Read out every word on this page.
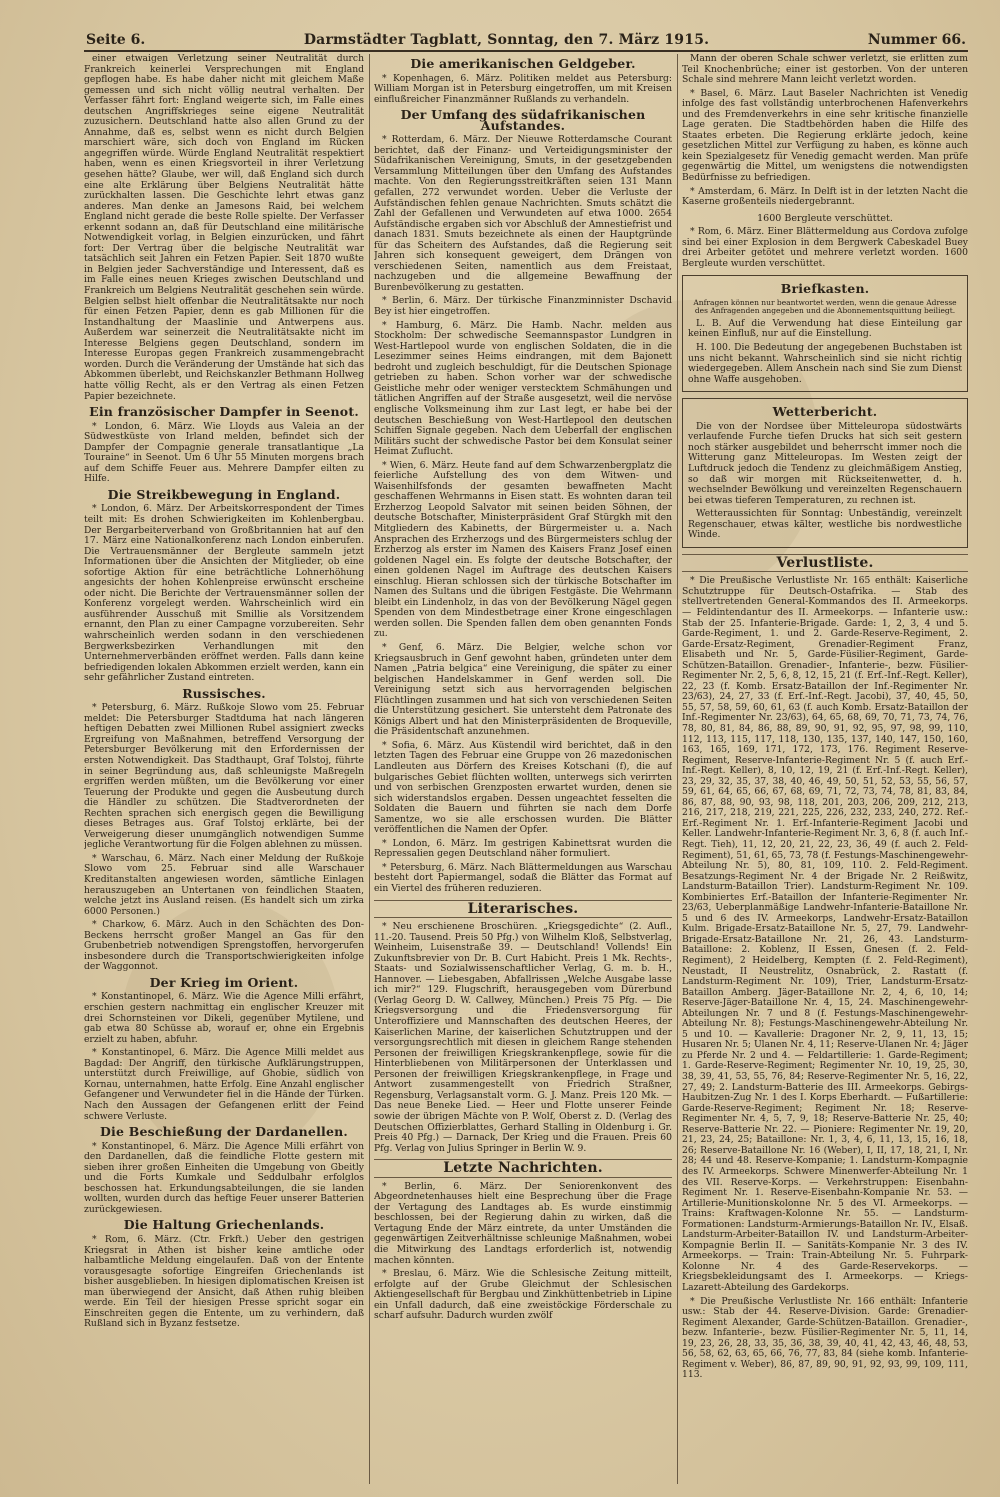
Seite 6.	Darmstädter Tagblatt, Sonntag, den 7. März 1915.	Nummer 66.

einer etwaigen Verletzung seiner Neutralität durch Frankreich keinerlei Versprechungen mit England gepflogen habe. Es habe daher nicht mit gleichem Maße gemessen und sich nicht völlig neutral verhalten. Der Verfasser fährt fort: England weigerte sich, im Falle eines deutschen Angriffskrieges seine eigene Neutralität zuzusichern. Deutschland hatte also allen Grund zu der Annahme, daß es, selbst wenn es nicht durch Belgien marschiert wäre, sich doch von England im Rücken angegriffen würde. Würde England Neutralität respektiert haben, wenn es einen Kriegsvorteil in ihrer Verletzung gesehen hätte? Glaube, wer will, daß England sich durch eine alte Erklärung über Belgiens Neutralität hätte zurückhalten lassen. Die Geschichte lehrt etwas ganz anderes. Man denke an Jamesons Raid, bei welchem England nicht gerade die beste Rolle spielte. Der Verfasser erkennt sodann an, daß für Deutschland eine militärische Notwendigkeit vorlag, in Belgien einzurücken, und fährt fort: Der Vertrag über die belgische Neutralität war tatsächlich seit Jahren ein Fetzen Papier. Seit 1870 wußte in Belgien jeder Sachverständige und Interessent, daß es im Falle eines neuen Krieges zwischen Deutschland und Frankreich um Belgiens Neutralität geschehen sein würde. Belgien selbst hielt offenbar die Neutralitätsakte nur noch für einen Fetzen Papier, denn es gab Millionen für die Instandhaltung der Maaslinie und Antwerpens aus. Außerdem war seinerzeit die Neutralitätsakte nicht im Interesse Belgiens gegen Deutschland, sondern im Interesse Europas gegen Frankreich zusammengebracht worden. Durch die Veränderung der Umstände hat sich das Abkommen überlebt, und Reichskanzler Bethmann Hollweg hatte völlig Recht, als er den Vertrag als einen Fetzen Papier bezeichnete.

Ein französischer Dampfer in Seenot.

* London, 6. März. Wie Lloyds aus Valeia an der Südwestküste von Irland melden, befindet sich der Dampfer der Compagnie generale transatlantique „La Touraine“ in Seenot. Um 6 Uhr 55 Minuten morgens brach auf dem Schiffe Feuer aus. Mehrere Dampfer eilten zu Hilfe.

Die Streikbewegung in England.

* London, 6. März. Der Arbeitskorrespondent der Times teilt mit: Es drohen Schwierigkeiten im Kohlenbergbau. Der Bergarbeiterverband von Großbritannien hat auf den 17. März eine Nationalkonferenz nach London einberufen. Die Vertrauensmänner der Bergleute sammeln jetzt Informationen über die Ansichten der Mitglieder, ob eine sofortige Aktion für eine beträchtliche Lohnerhöhung angesichts der hohen Kohlenpreise erwünscht erscheine oder nicht. Die Berichte der Vertrauensmänner sollen der Konferenz vorgelegt werden. Wahrscheinlich wird ein ausführender Ausschuß mit Smillie als Vorsitzendem ernannt, den Plan zu einer Campagne vorzubereiten. Sehr wahrscheinlich werden sodann in den verschiedenen Bergwerksbezirken Verhandlungen mit den Unternehmerverbänden eröffnet werden. Falls dann keine befriedigenden lokalen Abkommen erzielt werden, kann ein sehr gefährlicher Zustand eintreten.

Russisches.

* Petersburg, 6. März. Rußkoje Slowo vom 25. Februar meldet: Die Petersburger Stadtduma hat nach längeren heftigen Debatten zwei Millionen Rubel assigniert zwecks Ergreifung von Maßnahmen, betreffend Versorgung der Petersburger Bevölkerung mit den Erfordernissen der ersten Notwendigkeit. Das Stadthaupt, Graf Tolstoj, führte in seiner Begründung aus, daß schleunigste Maßregeln ergriffen werden müßten, um die Bevölkerung vor einer Teuerung der Produkte und gegen die Ausbeutung durch die Händler zu schützen. Die Stadtverordneten der Rechten sprachen sich energisch gegen die Bewilligung dieses Betrages aus. Graf Tolstoj erklärte, bei der Verweigerung dieser unumgänglich notwendigen Summe jegliche Verantwortung für die Folgen ablehnen zu müssen.

* Warschau, 6. März. Nach einer Meldung der Rußkoje Slowo vom 25. Februar sind alle Warschauer Kreditanstalten angewiesen worden, sämtliche Einlagen herauszugeben an Untertanen von feindlichen Staaten, welche jetzt ins Ausland reisen. (Es handelt sich um zirka 6000 Personen.)

* Charkow, 6. März. Auch in den Schächten des Don-Beckens herrscht großer Mangel an Gas für den Grubenbetrieb notwendigen Sprengstoffen, hervorgerufen insbesondere durch die Transportschwierigkeiten infolge der Waggonnot.

Der Krieg im Orient.

* Konstantinopel, 6. März. Wie die Agence Milli erfährt, erschien gestern nachmittag ein englischer Kreuzer mit drei Schornsteinen vor Dikeli, gegenüber Mytilene, und gab etwa 80 Schüsse ab, worauf er, ohne ein Ergebnis erzielt zu haben, abfuhr.

* Konstantinopel, 6. März. Die Agence Milli meldet aus Bagdad: Der Angriff, den türkische Aufklärungstruppen, unterstützt durch Freiwillige, auf Ghobie, südlich von Kornau, unternahmen, hatte Erfolg. Eine Anzahl englischer Gefangener und Verwundeter fiel in die Hände der Türken. Nach den Aussagen der Gefangenen erlitt der Feind schwere Verluste.

Die Beschießung der Dardanellen.

* Konstantinopel, 6. März. Die Agence Milli erfährt von den Dardanellen, daß die feindliche Flotte gestern mit sieben ihrer großen Einheiten die Umgebung von Gbeitly und die Forts Kumkale und Seddulbahr erfolglos beschossen hat. Erkundungsabteilungen, die sie landen wollten, wurden durch das heftige Feuer unserer Batterien zurückgewiesen.

Die Haltung Griechenlands.

* Rom, 6. März. (Ctr. Frkft.) Ueber den gestrigen Kriegsrat in Athen ist bisher keine amtliche oder halbamtliche Meldung eingelaufen. Daß von der Entente vorausgesagte sofortige Eingreifen Griechenlands ist bisher ausgeblieben. In hiesigen diplomatischen Kreisen ist man überwiegend der Ansicht, daß Athen ruhig bleiben werde. Ein Teil der hiesigen Presse spricht sogar ein Einschreiten gegen die Entente, um zu verhindern, daß Rußland sich in Byzanz festsetze.

Die amerikanischen Geldgeber.

* Kopenhagen, 6. März. Politiken meldet aus Petersburg: William Morgan ist in Petersburg eingetroffen, um mit Kreisen einflußreicher Finanzmänner Rußlands zu verhandeln.

Der Umfang des südafrikanischen Aufstandes.

* Rotterdam, 6. März. Der Nieuwe Rotterdamsche Courant berichtet, daß der Finanz- und Verteidigungsminister der Südafrikanischen Vereinigung, Smuts, in der gesetzgebenden Versammlung Mitteilungen über den Umfang des Aufstandes machte. Von den Regierungsstreitkräften seien 131 Mann gefallen, 272 verwundet worden. Ueber die Verluste der Aufständischen fehlen genaue Nachrichten. Smuts schätzt die Zahl der Gefallenen und Verwundeten auf etwa 1000. 2654 Aufständische ergaben sich vor Abschluß der Amnestiefrist und danach 1831. Smuts bezeichnete als einen der Hauptgründe für das Scheitern des Aufstandes, daß die Regierung seit Jahren sich konsequent geweigert, dem Drängen von verschiedenen Seiten, namentlich aus dem Freistaat, nachzugeben und die allgemeine Bewaffnung der Burenbevölkerung zu gestatten.

* Berlin, 6. März. Der türkische Finanzminnister Dschavid Bey ist hier eingetroffen.

* Hamburg, 6. März. Die Hamb. Nachr. melden aus Stockholm: Der schwedische Seemannspastor Lundgren in West-Hartlepool wurde von englischen Soldaten, die in die Lesezimmer seines Heims eindrangen, mit dem Bajonett bedroht und zugleich beschuldigt, für die Deutschen Spionage getrieben zu haben. Schon vorher war der schwedische Geistliche mehr oder weniger verstecktem Schmähungen und tätlichen Angriffen auf der Straße ausgesetzt, weil die nervöse englische Volksmeinung ihm zur Last legt, er habe bei der deutschen Beschießung von West-Hartlepool den deutschen Schiffen Signale gegeben. Nach dem Ueberfall der englischen Militärs sucht der schwedische Pastor bei dem Konsulat seiner Heimat Zuflucht.

* Wien, 6. März. Heute fand auf dem Schwarzenbergplatz die feierliche Aufstellung des von dem Witwen- und Waisenhilfsfonds der gesamten bewaffneten Macht geschaffenen Wehrmanns in Eisen statt. Es wohnten daran teil Erzherzog Leopold Salvator mit seinen beiden Söhnen, der deutsche Botschafter, Ministerpräsident Graf Stürgkh mit den Mitgliedern des Kabinetts, der Bürgermeister u. a. Nach Ansprachen des Erzherzogs und des Bürgermeisters schlug der Erzherzog als erster im Namen des Kaisers Franz Josef einen goldenen Nagel ein. Es folgte der deutsche Botschafter, der einen goldenen Nagel im Auftrage des deutschen Kaisers einschlug. Hieran schlossen sich der türkische Botschafter im Namen des Sultans und die übrigen Festgäste. Die Wehrmann bleibt ein Lindenholz, in das von der Bevölkerung Nägel gegen Spenden von dem Mindestbetrage einer Krone eingeschlagen werden sollen. Die Spenden fallen dem oben genannten Fonds zu.

* Genf, 6. März. Die Belgier, welche schon vor Kriegsausbruch in Genf gewohnt haben, gründeten unter dem Namen „Patria belgica“ eine Vereinigung, die später zu einer belgischen Handelskammer in Genf werden soll. Die Vereinigung setzt sich aus hervorragenden belgischen Flüchtlingen zusammen und hat sich von verschiedenen Seiten die Unterstützung gesichert. Sie untersteht dem Patronate des Königs Albert und hat den Ministerpräsidenten de Broqueville, die Präsidentschaft anzunehmen.

* Sofia, 6. März. Aus Küstendil wird berichtet, daß in den letzten Tagen des Februar eine Gruppe von 26 mazedonischen Landleuten aus Dörfern des Kreises Kotschani (f), die auf bulgarisches Gebiet flüchten wollten, unterwegs sich verirrten und von serbischen Grenzposten erwartet wurden, denen sie sich widerstandslos ergaben. Dessen ungeachtet fesselten die Soldaten die Bauern und führten sie nach dem Dorfe Samentze, wo sie alle erschossen wurden. Die Blätter veröffentlichen die Namen der Opfer.

* London, 6. März. Im gestrigen Kabinettsrat wurden die Repressalien gegen Deutschland näher formuliert.

* Petersburg, 6. März. Nach Blättermeldungen aus Warschau besteht dort Papiermangel, sodaß die Blätter das Format auf ein Viertel des früheren reduzieren.

Literarisches.

* Neu erschienene Broschüren. „Kriegsgedichte“ (2. Aufl., 11.-20. Tausend. Preis 50 Pfg.) von Wilhelm Kloß, Selbstverlag, Weinheim, Luisenstraße 39. — Deutschland! Vollends! Ein Zukunftsbrevier von Dr. B. Curt Habicht. Preis 1 Mk. Rechts-, Staats- und Sozialwissenschaftlicher Verlag, G. m. b. H., Hannover. — Liebesgaben, Abfallrissen „Welche Ausgabe lasse ich mir?“ 129. Flugschrift, herausgegeben vom Dürerbund (Verlag Georg D. W. Callwey, München.) Preis 75 Pfg. — Die Kriegsversorgung und die Friedensversorgung für Unteroffiziere und Mannschaften des deutschen Heeres, der Kaiserlichen Marine, der kaiserlichen Schutztruppen und der versorgungsrechtlich mit diesen in gleichem Range stehenden Personen der freiwilligen Kriegskrankenpflege, sowie für die Hinterbliebenen von Militärpersonen der Unterklassen und Personen der freiwilligen Kriegskrankenpflege, in Frage und Antwort zusammengestellt von Friedrich Straßner, Regensburg, Verlagsanstalt vorm. G. J. Manz. Preis 120 Mk. — Das neue Beneke Lied. — Heer und Flotte unserer Feinde sowie der übrigen Mächte von P. Wolf, Oberst z. D. (Verlag des Deutschen Offizierblattes, Gerhard Stalling in Oldenburg i. Gr. Preis 40 Pfg.) — Darnack, Der Krieg und die Frauen. Preis 60 Pfg. Verlag von Julius Springer in Berlin W. 9.

Letzte Nachrichten.

* Berlin, 6. März. Der Seniorenkonvent des Abgeordnetenhauses hielt eine Besprechung über die Frage der Vertagung des Landtages ab. Es wurde einstimmig beschlossen, bei der Regierung dahin zu wirken, daß die Vertagung Ende der März eintrete, da unter Umständen die gegenwärtigen Zeitverhältnisse schleunige Maßnahmen, wobei die Mitwirkung des Landtags erforderlich ist, notwendig machen könnten.

* Breslau, 6. März. Wie die Schlesische Zeitung mitteilt, erfolgte auf der Grube Gleichmut der Schlesischen Aktiengesellschaft für Bergbau und Zinkhüttenbetrieb in Lipine ein Unfall dadurch, daß eine zweistöckige Förderschale zu scharf aufsuhr. Dadurch wurden zwölf

Mann der oberen Schale schwer verletzt, sie erlitten zum Teil Knochenbrüche; einer ist gestorben. Von der unteren Schale sind mehrere Mann leicht verletzt worden.

* Basel, 6. März. Laut Baseler Nachrichten ist Venedig infolge des fast vollständig unterbrochenen Hafenverkehrs und des Fremdenverkehrs in eine sehr kritische finanzielle Lage geraten. Die Stadtbehörden haben die Hilfe des Staates erbeten. Die Regierung erklärte jedoch, keine gesetzlichen Mittel zur Verfügung zu haben, es könne auch kein Spezialgesetz für Venedig gemacht werden. Man prüfe gegenwärtig die Mittel, um wenigstens die notwendigsten Bedürfnisse zu befriedigen.

* Amsterdam, 6. März. In Delft ist in der letzten Nacht die Kaserne großenteils niedergebrannt.

1600 Bergleute verschüttet.

* Rom, 6. März. Einer Blättermeldung aus Cordova zufolge sind bei einer Explosion in dem Bergwerk Cabeskadel Buey drei Arbeiter getötet und mehrere verletzt worden. 1600 Bergleute wurden verschüttet.

Briefkasten.
Anfragen können nur beantwortet werden, wenn die genaue Adresse des Anfragenden angegeben und die Abonnementsquittung beiliegt.

L. B. Auf die Verwendung hat diese Einteilung gar keinen Einfluß, nur auf die Einstellung.

H. 100. Die Bedeutung der angegebenen Buchstaben ist uns nicht bekannt. Wahrscheinlich sind sie nicht richtig wiedergegeben. Allem Anschein nach sind Sie zum Dienst ohne Waffe ausgehoben.

Wetterbericht.

Die von der Nordsee über Mitteleuropa südostwärts verlaufende Furche tiefen Drucks hat sich seit gestern noch stärker ausgebildet und beherrscht immer noch die Witterung ganz Mitteleuropas. Im Westen zeigt der Luftdruck jedoch die Tendenz zu gleichmäßigem Anstieg, so daß wir morgen mit Rückseitenwetter, d. h. wechselnder Bewölkung und vereinzelten Regenschauern bei etwas tieferen Temperaturen, zu rechnen ist.

Wetteraussichten für Sonntag: Unbeständig, vereinzelt Regenschauer, etwas kälter, westliche bis nordwestliche Winde.

Verlustliste.

* Die Preußische Verlustliste Nr. 165 enthält: Kaiserliche Schutztruppe für Deutsch-Ostafrika. — Stab des stellvertretenden General-Kommandos des II. Armeekorps. — Feldintendantur des II. Armeekorps. — Infanterie usw.: Stab der 25. Infanterie-Brigade. Garde: 1, 2, 3, 4 und 5. Garde-Regiment, 1. und 2. Garde-Reserve-Regiment, 2. Garde-Ersatz-Regiment, Grenadier-Regiment Franz, Elisabeth und Nr. 5, Garde-Füsilier-Regiment, Garde-Schützen-Bataillon. Grenadier-, Infanterie-, bezw. Füsilier-Regimenter Nr. 2, 5, 6, 8, 12, 15, 21 (f. Erf.-Inf.-Regt. Keller), 22, 23 (f. Komb. Ersatz-Bataillon der Inf.-Regimenter Nr. 23/63), 24, 27, 33 (f. Erf.-Inf.-Regt. Jacobi), 37, 40, 45, 50, 55, 57, 58, 59, 60, 61, 63 (f. auch Komb. Ersatz-Bataillon der Inf.-Regimenter Nr. 23/63), 64, 65, 68, 69, 70, 71, 73, 74, 76, 78, 80, 81, 84, 86, 88, 89, 90, 91, 92, 95, 97, 98, 99, 110, 112, 113, 115, 117, 118, 130, 135, 137, 140, 147, 150, 160, 163, 165, 169, 171, 172, 173, 176. Regiment Reserve-Regiment, Reserve-Infanterie-Regiment Nr. 5 (f. auch Erf.-Inf.-Regt. Keller), 8, 10, 12, 19, 21 (f. Erf.-Inf.-Regt. Keller), 23, 29, 32, 35, 37, 38, 40, 46, 49, 50, 51, 52, 53, 55, 56, 57, 59, 61, 64, 65, 66, 67, 68, 69, 71, 72, 73, 74, 78, 81, 83, 84, 86, 87, 88, 90, 93, 98, 118, 201, 203, 206, 209, 212, 213, 216, 217, 218, 219, 221, 225, 226, 232, 233, 240, 272. Ref.-Erf.-Regiment Nr. 1. Erf.-Infanterie-Regiment Jacobi und Keller. Landwehr-Infanterie-Regiment Nr. 3, 6, 8 (f. auch Inf.-Regt. Tieh), 11, 12, 20, 21, 22, 23, 36, 49 (f. auch 2. Feld-Regiment), 51, 61, 65, 73, 78 (f. Festungs-Maschinengewehr-Abteilung Nr. 5), 80, 81, 109, 110. 2. Feld-Regiment. Besatzungs-Regiment Nr. 4 der Brigade Nr. 2 Reißwitz, Landsturm-Bataillon Trier). Landsturm-Regiment Nr. 109. Kombiniertes Erf.-Bataillon der Infanterie-Regimenter Nr. 23/63, Ueberplanmäßige Landwehr-Infanterie-Bataillone Nr. 5 und 6 des IV. Armeekorps, Landwehr-Ersatz-Bataillon Kulm. Brigade-Ersatz-Bataillone Nr. 5, 27, 79. Landwehr-Brigade-Ersatz-Bataillone Nr. 21, 26, 43. Landsturm-Bataillone: 2. Koblenz, II Essen, Gnesen (f. 2. Feld-Regiment), 2 Heidelberg, Kempten (f. 2. Feld-Regiment), Neustadt, II Neustrelitz, Osnabrück, 2. Rastatt (f. Landsturm-Regiment Nr. 109), Trier, Landsturm-Ersatz-Bataillon Amberg. Jäger-Bataillone Nr. 2, 4, 6, 10, 14; Reserve-Jäger-Bataillone Nr. 4, 15, 24. Maschinengewehr-Abteilungen Nr. 7 und 8 (f. Festungs-Maschinengewehr-Abteilung Nr. 8); Festungs-Maschinengewehr-Abteilung Nr. 5 und 10. — Kavallerie: Dragoner Nr. 2, 9, 11, 13, 15; Husaren Nr. 5; Ulanen Nr. 4, 11; Reserve-Ulanen Nr. 4; Jäger zu Pferde Nr. 2 und 4. — Feldartillerie: 1. Garde-Regiment; 1. Garde-Reserve-Regiment; Regimenter Nr. 10, 19, 25, 30, 38, 39, 41, 53, 55, 76, 84; Reserve-Regimenter Nr. 5, 16, 22, 27, 49; 2. Landsturm-Batterie des III. Armeekorps. Gebirgs-Haubitzen-Zug Nr. 1 des I. Korps Eberhardt. — Fußartillerie: Garde-Reserve-Regiment; Regiment Nr. 18; Reserve-Regimenter Nr. 4, 5, 7, 9, 18; Reserve-Batterie Nr. 25, 40; Reserve-Batterie Nr. 22. — Pioniere: Regimenter Nr. 19, 20, 21, 23, 24, 25; Bataillone: Nr. 1, 3, 4, 6, 11, 13, 15, 16, 18, 26; Reserve-Bataillone Nr. 16 (Weber), I, II, 17, 18, 21, I, Nr. 28; 44 und 48. Reserve-Kompanie; 1. Landsturm-Kompagnie des IV. Armeekorps. Schwere Minenwerfer-Abteilung Nr. 1 des VII. Reserve-Korps. — Verkehrstruppen: Eisenbahn-Regiment Nr. 1. Reserve-Eisenbahn-Kompanie Nr. 53. — Artillerie-Munitionskolonne Nr. 5 des VI. Armeekorps. — Trains: Kraftwagen-Kolonne Nr. 55. — Landsturm-Formationen: Landsturm-Armierungs-Bataillon Nr. IV., Elsaß. Landsturm-Arbeiter-Bataillon IV. und Landsturm-Arbeiter-Kompagnie Berlin II. — Sanitäts-Kompanie Nr. 3 des IV. Armeekorps. — Train: Train-Abteilung Nr. 5. Fuhrpark-Kolonne Nr. 4 des Garde-Reservekorps. — Kriegsbekleidungsamt des I. Armeekorps. — Kriegs-Lazarett-Abteilung des Gardekorps.

* Die Preußische Verlustliste Nr. 166 enthält: Infanterie usw.: Stab der 44. Reserve-Division. Garde: Grenadier-Regiment Alexander, Garde-Schützen-Bataillon. Grenadier-, bezw. Infanterie-, bezw. Füsilier-Regimenter Nr. 5, 11, 14, 19, 23, 26, 28, 33, 35, 36, 38, 39, 40, 41, 42, 43, 46, 48, 53, 56, 58, 62, 63, 65, 66, 76, 77, 83, 84 (siehe komb. Infanterie-Regiment v. Weber), 86, 87, 89, 90, 91, 92, 93, 99, 109, 111, 113.
